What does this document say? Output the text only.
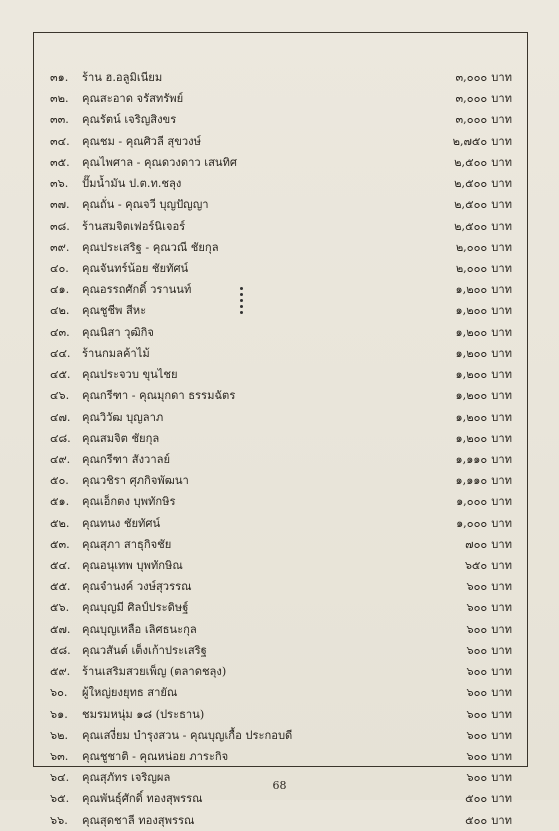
๓๑.	ร้าน ฮ.อลูมิเนียม	๓,๐๐๐ บาท
๓๒.	คุณสะอาด จรัสทรัพย์	๓,๐๐๐ บาท
๓๓.	คุณรัตน์ เจริญสิงขร	๓,๐๐๐ บาท
๓๔.	คุณชม - คุณศิวลี สุขวงษ์	๒,๗๕๐ บาท
๓๕.	คุณไพศาล - คุณดวงดาว เสนทิศ	๒,๕๐๐ บาท
๓๖.	ปั๊มน้ำมัน ป.ต.ท.ชลุง	๒,๕๐๐ บาท
๓๗.	คุณถั่น - คุณจวี บุญปัญญา	๒,๕๐๐ บาท
๓๘.	ร้านสมจิตเฟอร์นิเจอร์	๒,๕๐๐ บาท
๓๙.	คุณประเสริฐ - คุณวณี ชัยกุล	๒,๐๐๐ บาท
๔๐.	คุณจันทร์น้อย ชัยทัศน์	๒,๐๐๐ บาท
๔๑.	คุณอรรถศักดิ์ วรานนท์	๑,๒๐๐ บาท
๔๒.	คุณชูชีพ สีหะ	๑,๒๐๐ บาท
๔๓.	คุณนิสา วุฒิกิจ	๑,๒๐๐ บาท
๔๔.	ร้านกมลค้าไม้	๑,๒๐๐ บาท
๔๕.	คุณประจวบ ขุนไชย	๑,๒๐๐ บาท
๔๖.	คุณกรีฑา - คุณมุกดา ธรรมฉัตร	๑,๒๐๐ บาท
๔๗.	คุณวิวัฒ บุญลาภ	๑,๒๐๐ บาท
๔๘.	คุณสมจิต ชัยกุล	๑,๒๐๐ บาท
๔๙.	คุณกรีฑา สังวาลย์	๑,๑๑๐ บาท
๕๐.	คุณวชิรา ศุภกิจพัฒนา	๑,๑๑๐ บาท
๕๑.	คุณเอ็กตง บุพทักษิร	๑,๐๐๐ บาท
๕๒.	คุณทนง ชัยทัศน์	๑,๐๐๐ บาท
๕๓.	คุณสุภา สาธุกิจชัย	๗๐๐ บาท
๕๔.	คุณอนุเทพ บุพทักษิณ	๖๕๐ บาท
๕๕.	คุณจำนงค์ วงษ์สุวรรณ	๖๐๐ บาท
๕๖.	คุณบุญมี ศิลป์ประดิษฐ์	๖๐๐ บาท
๕๗.	คุณบุญเหลือ เลิศธนะกุล	๖๐๐ บาท
๕๘.	คุณวสันต์ เต็งเก้าประเสริฐ	๖๐๐ บาท
๕๙.	ร้านเสริมสวยเพ็ญ (ตลาดชลุง)	๖๐๐ บาท
๖๐.	ผู้ใหญ่ยงยุทธ สายัณ	๖๐๐ บาท
๖๑.	ชมรมหนุ่ม ๑๘ (ประธาน)	๖๐๐ บาท
๖๒.	คุณเสงี่ยม บำรุงสวน - คุณบุญเกื้อ ประกอบดี	๖๐๐ บาท
๖๓.	คุณชูชาติ - คุณหน่อย ภาระกิจ	๖๐๐ บาท
๖๔.	คุณสุภัทร เจริญผล	๖๐๐ บาท
๖๕.	คุณพันธุ์ศักดิ์ ทองสุพรรณ	๕๐๐ บาท
๖๖.	คุณสุดชาลี ทองสุพรรณ	๕๐๐ บาท
68
